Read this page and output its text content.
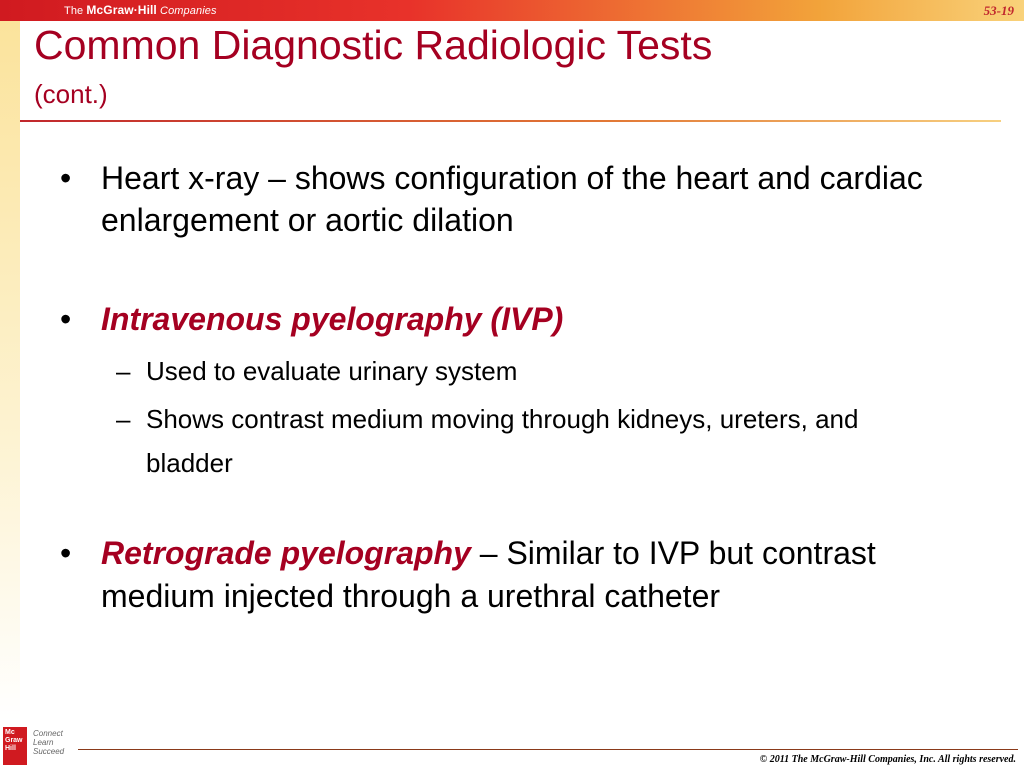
The McGraw·Hill Companies	53-19
Common Diagnostic Radiologic Tests
(cont.)
• Heart x-ray – shows configuration of the heart and cardiac enlargement or aortic dilation
• Intravenous pyelography (IVP)
– Used to evaluate urinary system
– Shows contrast medium moving through kidneys, ureters, and bladder
• Retrograde pyelography – Similar to IVP but contrast medium injected through a urethral catheter
Mc Graw Hill
Connect
Learn
Succeed
© 2011 The McGraw-Hill Companies, Inc. All rights reserved.
